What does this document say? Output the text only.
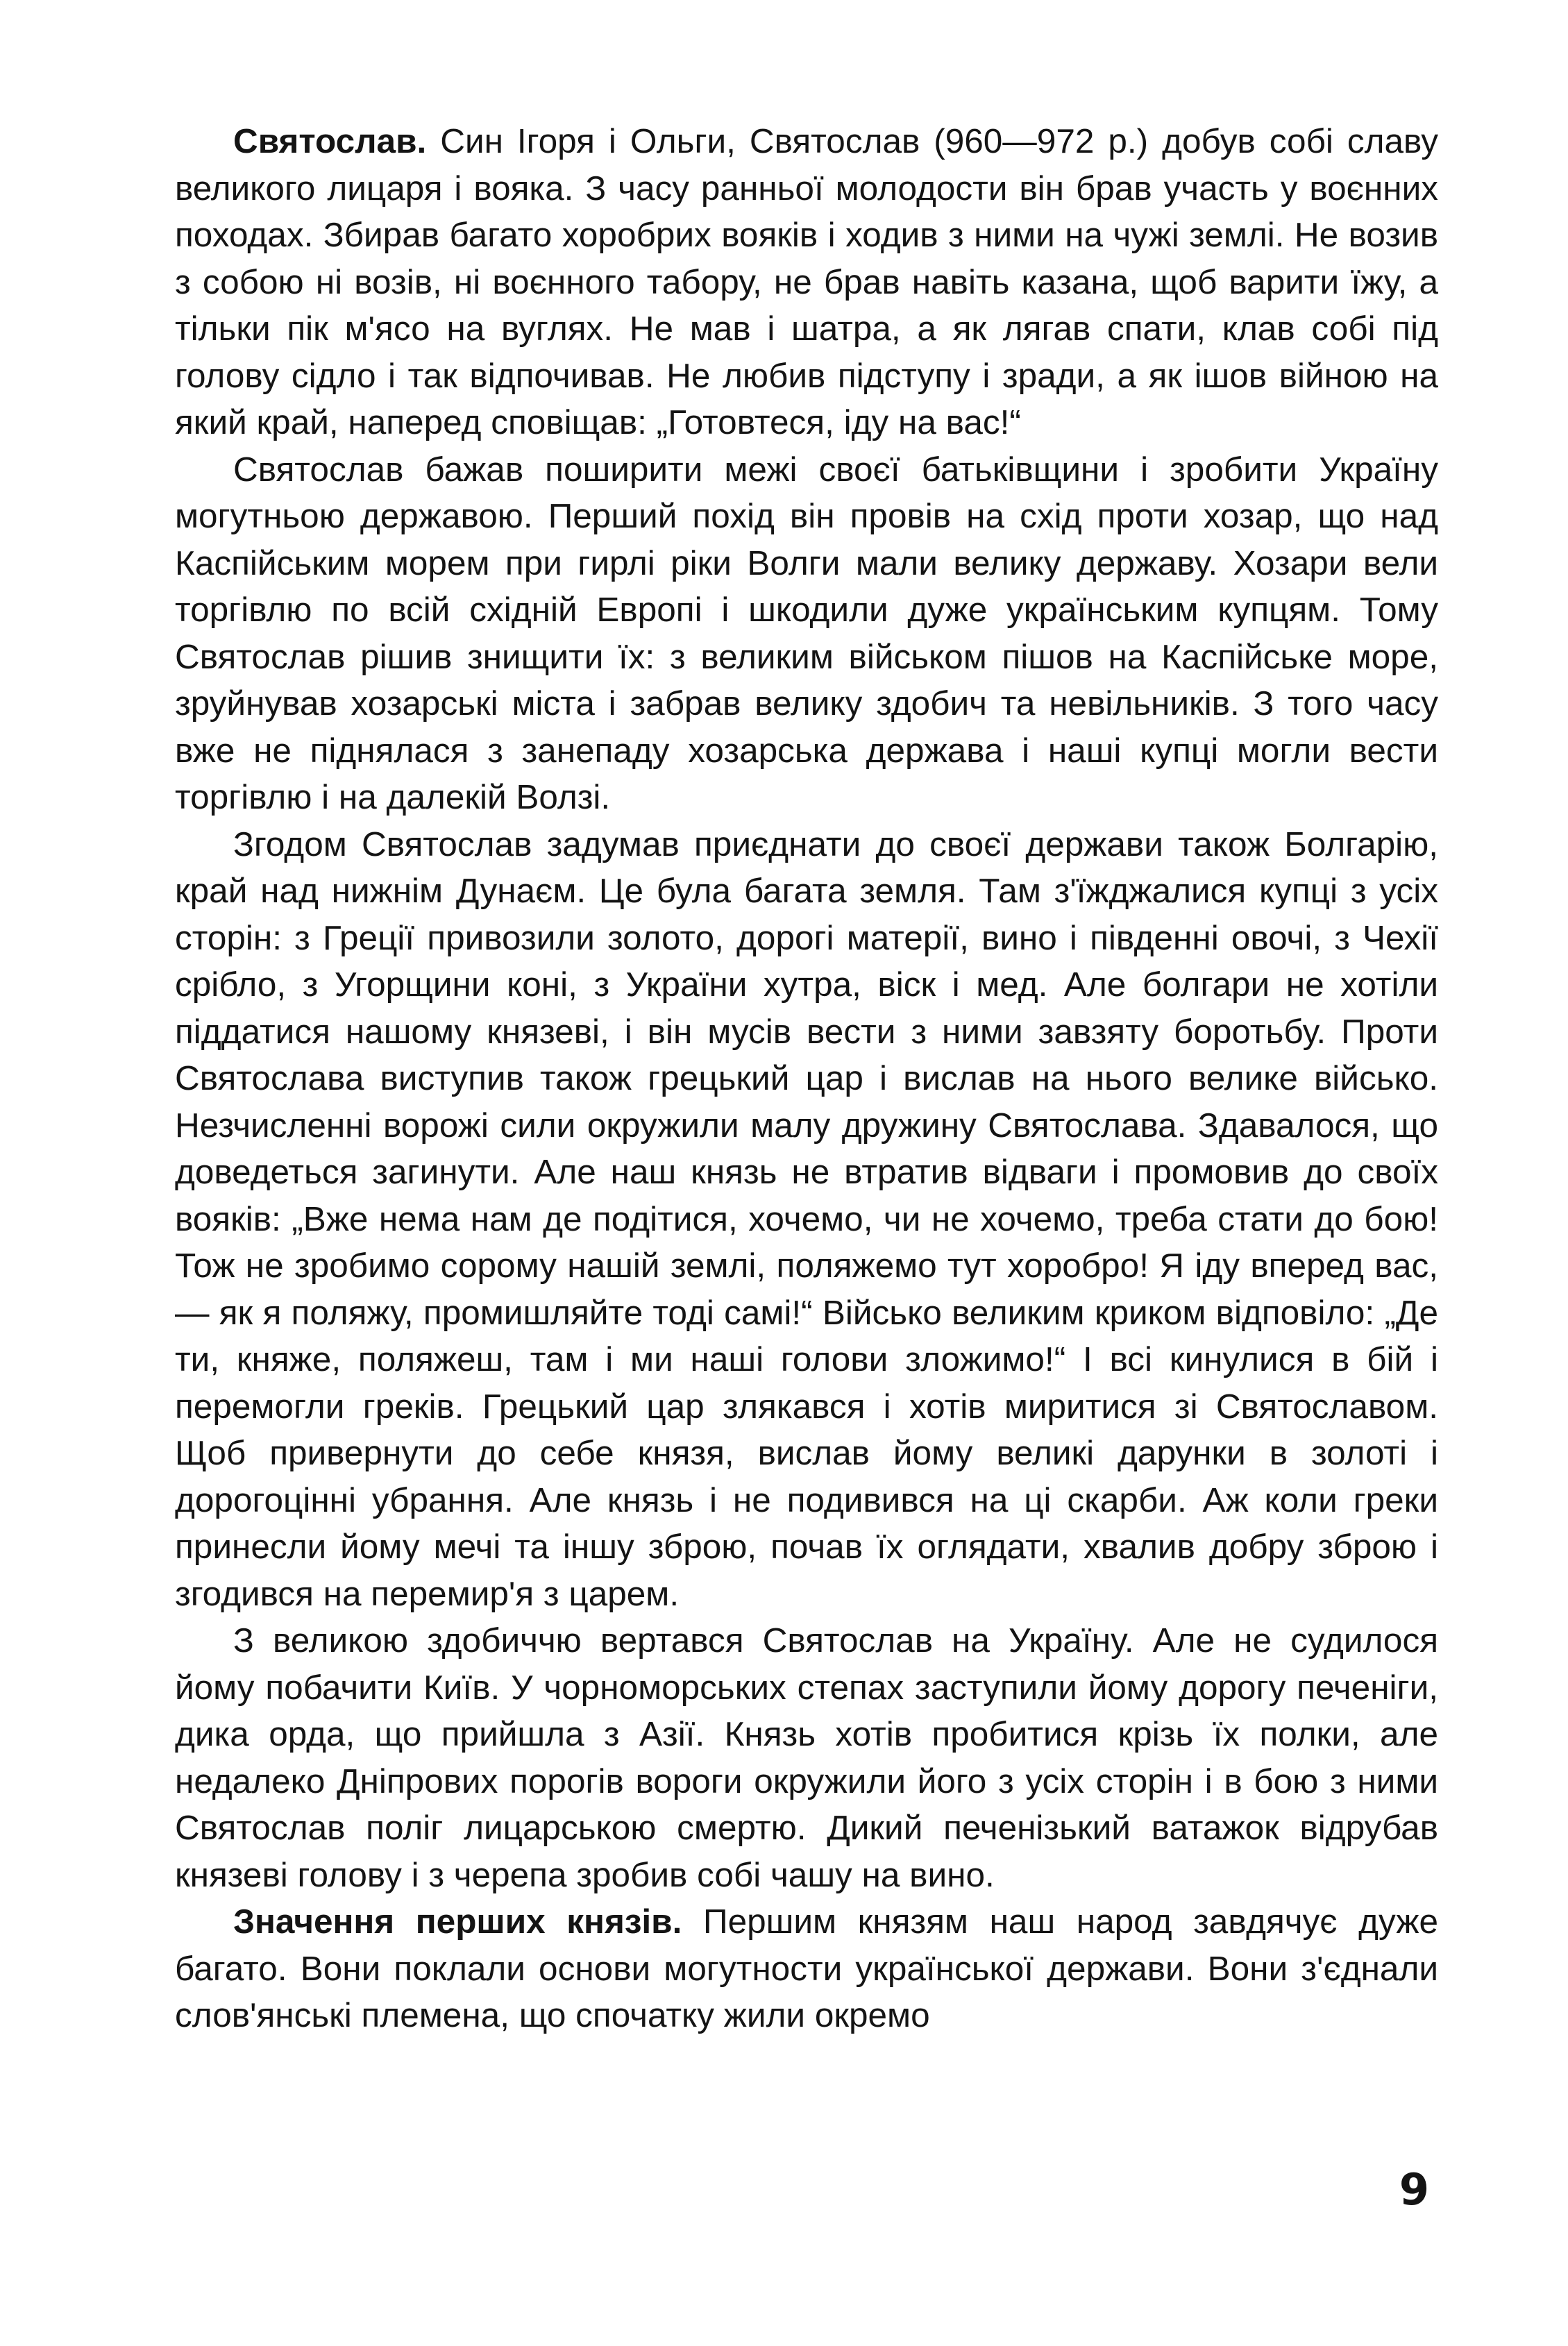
Святослав. Син Ігоря і Ольги, Святослав (960—972 р.) добув собі славу великого лицаря і вояка. З часу ранньої молодости він брав участь у воєнних походах. Збирав багато хоробрих вояків і ходив з ними на чужі землі. Не возив з собою ні возів, ні воєнного табору, не брав навіть казана, щоб варити їжу, а тільки пік м'ясо на вуглях. Не мав і шатра, а як лягав спати, клав собі під голову сідло і так відпочивав. Не любив підступу і зради, а як ішов війною на який край, наперед сповіщав: „Готовтеся, іду на вас!“

Святослав бажав поширити межі своєї батьківщини і зробити Україну могутньою державою. Перший похід він провів на схід проти хозар, що над Каспійським морем при гирлі ріки Волги мали велику державу. Хозари вели торгівлю по всій східній Европі і шкодили дуже українським купцям. Тому Святослав рішив знищити їх: з великим військом пішов на Каспійське море, зруйнував хозарські міста і забрав велику здобич та невільників. З того часу вже не піднялася з занепаду хозарська держава і наші купці могли вести торгівлю і на далекій Волзі.

Згодом Святослав задумав приєднати до своєї держави також Болгарію, край над нижнім Дунаєм. Це була багата земля. Там з'їжджалися купці з усіх сторін: з Греції привозили золото, дорогі матерії, вино і південні овочі, з Чехії срібло, з Угорщини коні, з України хутра, віск і мед. Але болгари не хотіли піддатися нашому князеві, і він мусів вести з ними завзяту боротьбу. Проти Святослава виступив також грецький цар і вислав на нього велике військо. Незчисленні ворожі сили окружили малу дружину Святослава. Здавалося, що доведеться загинути. Але наш князь не втратив відваги і промовив до своїх вояків: „Вже нема нам де подітися, хочемо, чи не хочемо, треба стати до бою! Тож не зробимо сорому нашій землі, поляжемо тут хоробро! Я іду вперед вас,— як я поляжу, промишляйте тоді самі!“ Військо великим криком відповіло: „Де ти, княже, поляжеш, там і ми наші голови зложимо!“ І всі кинулися в бій і перемогли греків. Грецький цар злякався і хотів миритися зі Святославом. Щоб привернути до себе князя, вислав йому великі дарунки в золоті і дорогоцінні убрання. Але князь і не подивився на ці скарби. Аж коли греки принесли йому мечі та іншу зброю, почав їх оглядати, хвалив добру зброю і згодився на перемир'я з царем.

З великою здобиччю вертався Святослав на Україну. Але не судилося йому побачити Київ. У чорноморських степах заступили йому дорогу печеніги, дика орда, що прийшла з Азії. Князь хотів пробитися крізь їх полки, але недалеко Дніпрових порогів вороги окружили його з усіх сторін і в бою з ними Святослав поліг лицарською смертю. Дикий печенізький ватажок відрубав князеві голову і з черепа зробив собі чашу на вино.

Значення перших князів. Першим князям наш народ завдячує дуже багато. Вони поклали основи могутности української держави. Вони з'єднали слов'янські племена, що спочатку жили окремо

9
